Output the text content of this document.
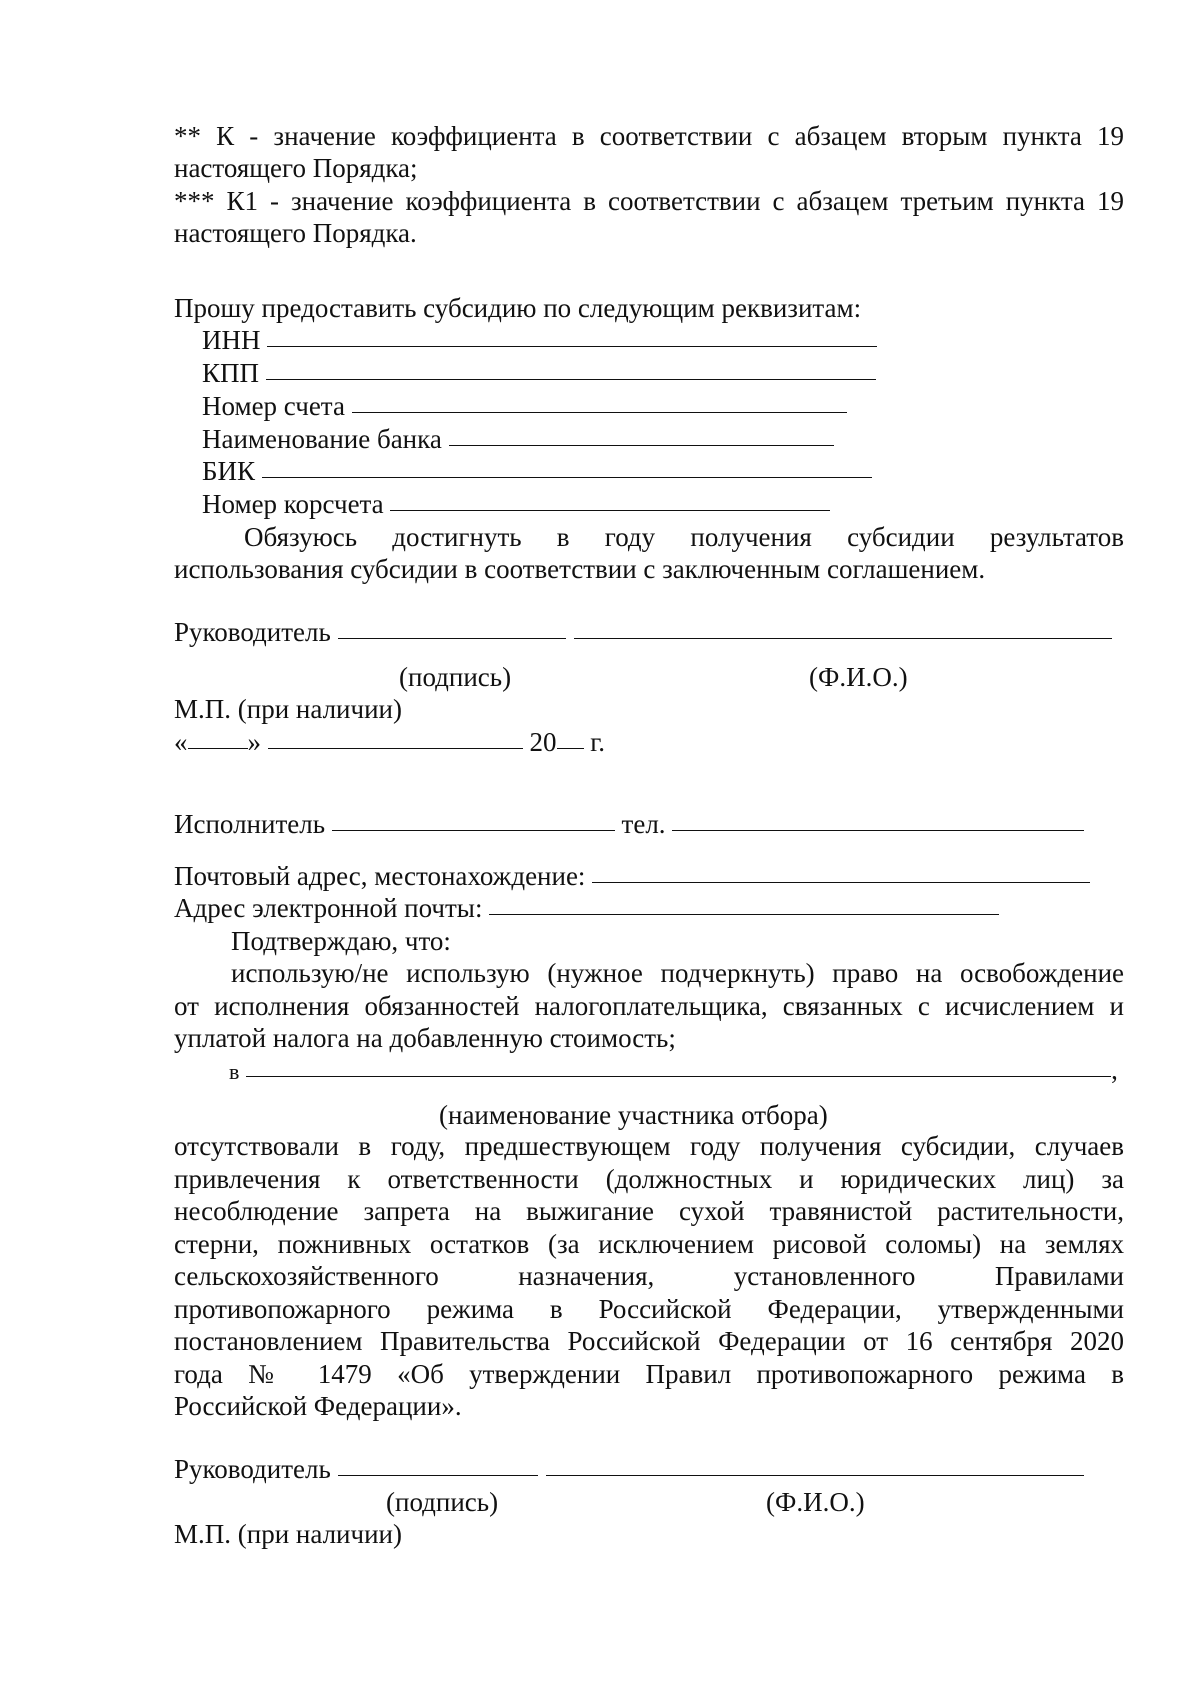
** К - значение коэффициента в соответствии с абзацем вторым пункта 19
настоящего Порядка;
*** К1 - значение коэффициента в соответствии с абзацем третьим пункта 19
настоящего Порядка.
Прошу предоставить субсидию по следующим реквизитам:
ИНН
КПП
Номер счета
Наименование банка
БИК
Номер корсчета
Обязуюсь достигнуть в году получения субсидии результатов
использования субсидии в соответствии с заключенным соглашением.
Руководитель
(подпись)	(Ф.И.О.)
М.П. (при наличии)
« »	20 г.
Исполнитель	тел.
Почтовый адрес, местонахождение:
Адрес электронной почты:
Подтверждаю, что:
использую/не использую (нужное подчеркнуть) право на освобождение
от исполнения обязанностей налогоплательщика, связанных с исчислением и
уплатой налога на добавленную стоимость;
в	,
(наименование участника отбора)
отсутствовали в году, предшествующем году получения субсидии, случаев
привлечения к ответственности (должностных и юридических лиц) за
несоблюдение запрета на выжигание сухой травянистой растительности,
стерни, пожнивных остатков (за исключением рисовой соломы) на землях
сельскохозяйственного назначения, установленного Правилами
противопожарного режима в Российской Федерации, утвержденными
постановлением Правительства Российской Федерации от 16 сентября 2020
года № 1479 «Об утверждении Правил противопожарного режима в
Российской Федерации».
Руководитель
(подпись)	(Ф.И.О.)
М.П. (при наличии)
